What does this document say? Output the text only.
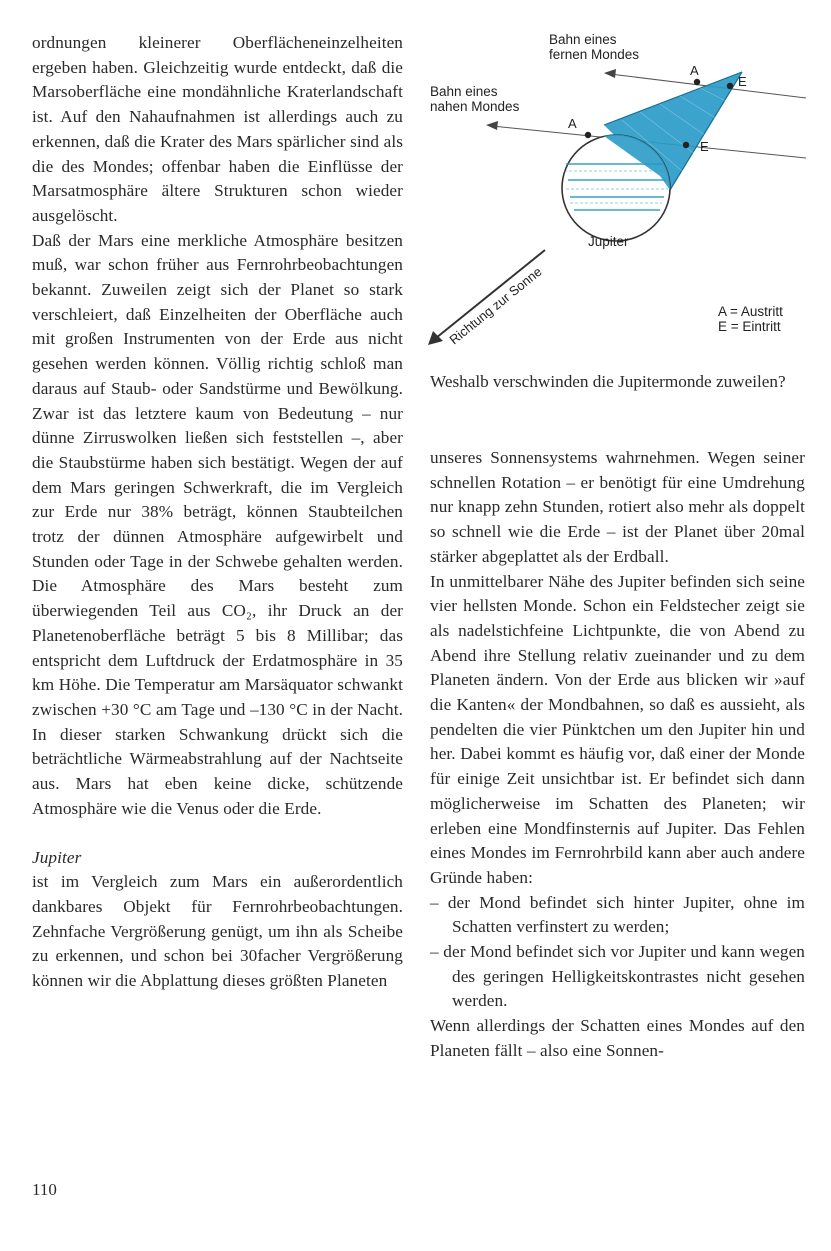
ordnungen kleinerer Oberflächeneinzelheiten ergeben haben. Gleichzeitig wurde entdeckt, daß die Marsoberfläche eine mondähnliche Kraterlandschaft ist. Auf den Nahaufnahmen ist allerdings auch zu erkennen, daß die Krater des Mars spärlicher sind als die des Mondes; offenbar haben die Einflüsse der Marsatmosphäre ältere Strukturen schon wieder ausgelöscht.

Daß der Mars eine merkliche Atmosphäre besitzen muß, war schon früher aus Fernrohrbeobachtungen bekannt. Zuweilen zeigt sich der Planet so stark verschleiert, daß Einzelheiten der Oberfläche auch mit großen Instrumenten von der Erde aus nicht gesehen werden können. Völlig richtig schloß man daraus auf Staub- oder Sandstürme und Bewölkung. Zwar ist das letztere kaum von Bedeutung – nur dünne Zirruswolken ließen sich feststellen –, aber die Staubstürme haben sich bestätigt. Wegen der auf dem Mars geringen Schwerkraft, die im Vergleich zur Erde nur 38% beträgt, können Staubteilchen trotz der dünnen Atmosphäre aufgewirbelt und Stunden oder Tage in der Schwebe gehalten werden. Die Atmosphäre des Mars besteht zum überwiegenden Teil aus CO₂, ihr Druck an der Planetenoberfläche beträgt 5 bis 8 Millibar; das entspricht dem Luftdruck der Erdatmosphäre in 35 km Höhe. Die Temperatur am Marsäquator schwankt zwischen +30 °C am Tage und –130 °C in der Nacht. In dieser starken Schwankung drückt sich die beträchtliche Wärmeabstrahlung auf der Nachtseite aus. Mars hat eben keine dicke, schützende Atmosphäre wie die Venus oder die Erde.

Jupiter

ist im Vergleich zum Mars ein außerordentlich dankbares Objekt für Fernrohrbeobachtungen. Zehnfache Vergrößerung genügt, um ihn als Scheibe zu erkennen, und schon bei 30facher Vergrößerung können wir die Abplattung dieses größten Planeten

Bahn eines
fernen Mondes
Bahn eines
nahen Mondes
A
E
A
E
Jupiter
Richtung zur Sonne	A = Austritt
E = Eintritt
Weshalb verschwinden die Jupitermonde zuweilen?

unseres Sonnensystems wahrnehmen. Wegen seiner schnellen Rotation – er benötigt für eine Umdrehung nur knapp zehn Stunden, rotiert also mehr als doppelt so schnell wie die Erde – ist der Planet über 20mal stärker abgeplattet als der Erdball.

In unmittelbarer Nähe des Jupiter befinden sich seine vier hellsten Monde. Schon ein Feldstecher zeigt sie als nadelstichfeine Lichtpunkte, die von Abend zu Abend ihre Stellung relativ zueinander und zu dem Planeten ändern. Von der Erde aus blicken wir »auf die Kanten« der Mondbahnen, so daß es aussieht, als pendelten die vier Pünktchen um den Jupiter hin und her. Dabei kommt es häufig vor, daß einer der Monde für einige Zeit unsichtbar ist. Er befindet sich dann möglicherweise im Schatten des Planeten; wir erleben eine Mondfinsternis auf Jupiter. Das Fehlen eines Mondes im Fernrohrbild kann aber auch andere Gründe haben:

– der Mond befindet sich hinter Jupiter, ohne im Schatten verfinstert zu werden;

– der Mond befindet sich vor Jupiter und kann wegen des geringen Helligkeitskontrastes nicht gesehen werden.

Wenn allerdings der Schatten eines Mondes auf den Planeten fällt – also eine Sonnen-

110
